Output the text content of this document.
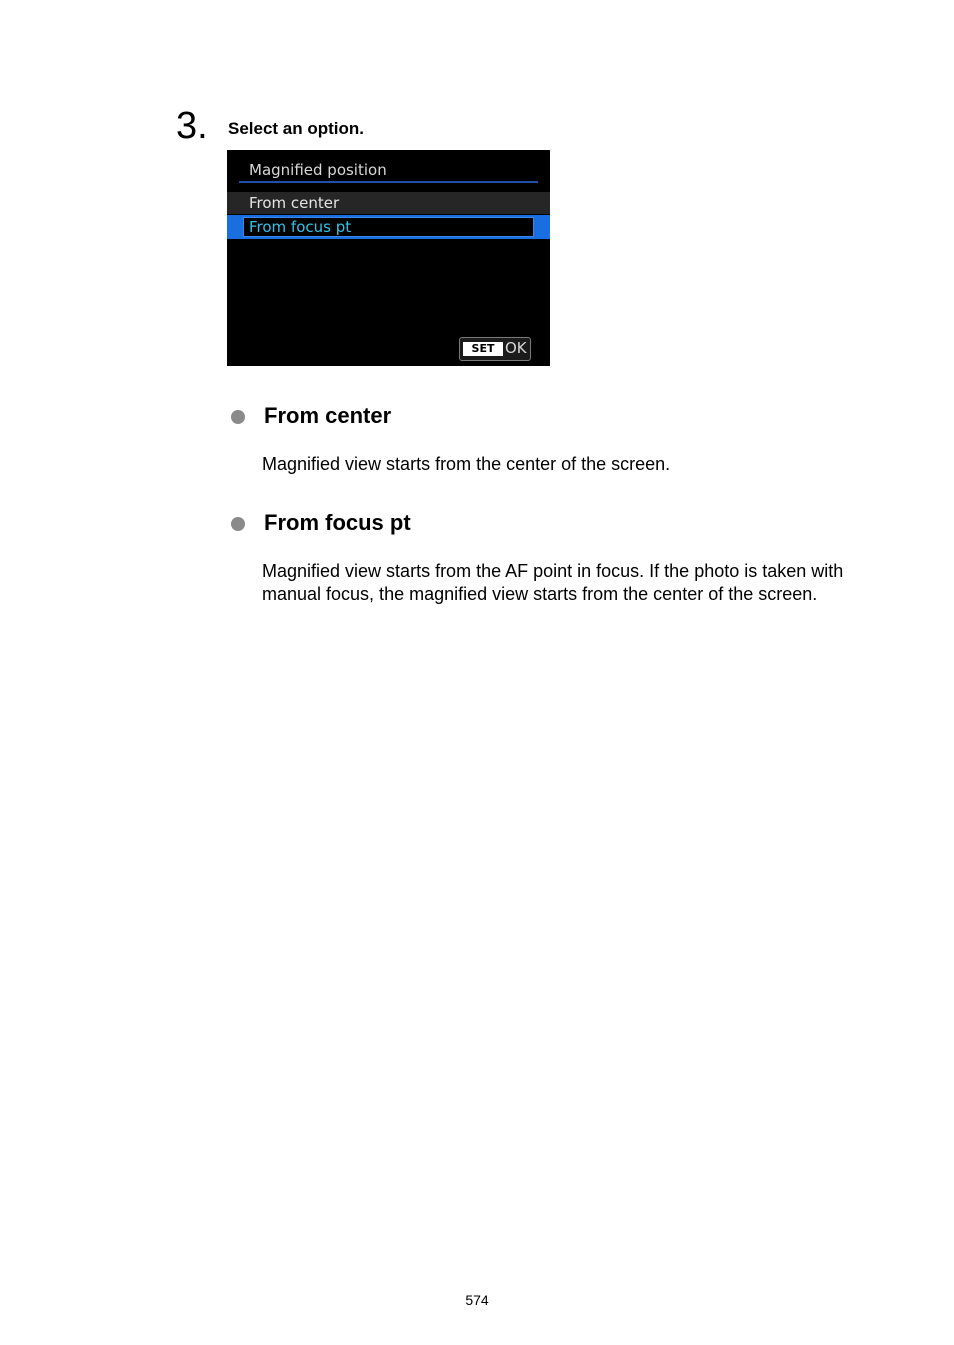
3. Select an option.
Magnified position
From center
From focus pt
SET OK
From center
Magnified view starts from the center of the screen.
From focus pt
Magnified view starts from the AF point in focus. If the photo is taken with manual focus, the magnified view starts from the center of the screen.
574
